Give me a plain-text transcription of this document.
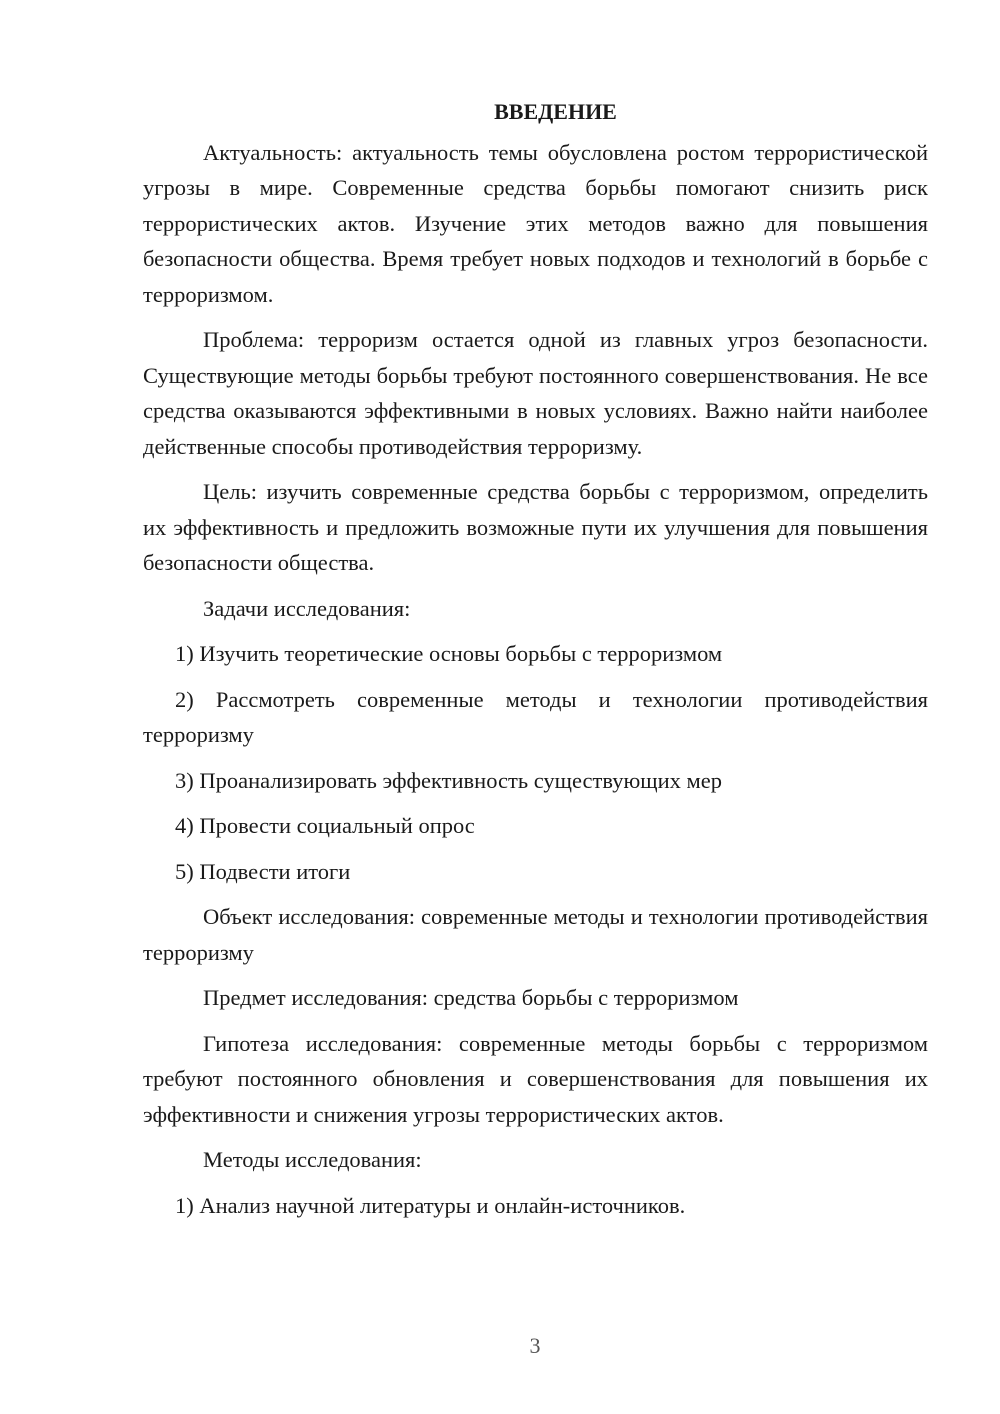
ВВЕДЕНИЕ

Актуальность: актуальность темы обусловлена ростом террористической угрозы в мире. Современные средства борьбы помогают снизить риск террористических актов. Изучение этих методов важно для повышения безопасности общества. Время требует новых подходов и технологий в борьбе с терроризмом.

Проблема: терроризм остается одной из главных угроз безопасности. Существующие методы борьбы требуют постоянного совершенствования. Не все средства оказываются эффективными в новых условиях. Важно найти наиболее действенные способы противодействия терроризму.

Цель: изучить современные средства борьбы с терроризмом, определить их эффективность и предложить возможные пути их улучшения для повышения безопасности общества.

Задачи исследования:

1) Изучить теоретические основы борьбы с терроризмом

2) Рассмотреть современные методы и технологии противодействия терроризму

3) Проанализировать эффективность существующих мер

4) Провести социальный опрос

5) Подвести итоги

Объект исследования: современные методы и технологии противодействия терроризму

Предмет исследования: средства борьбы с терроризмом

Гипотеза исследования: современные методы борьбы с терроризмом требуют постоянного обновления и совершенствования для повышения их эффективности и снижения угрозы террористических актов.

Методы исследования:

1) Анализ научной литературы и онлайн-источников.

3
